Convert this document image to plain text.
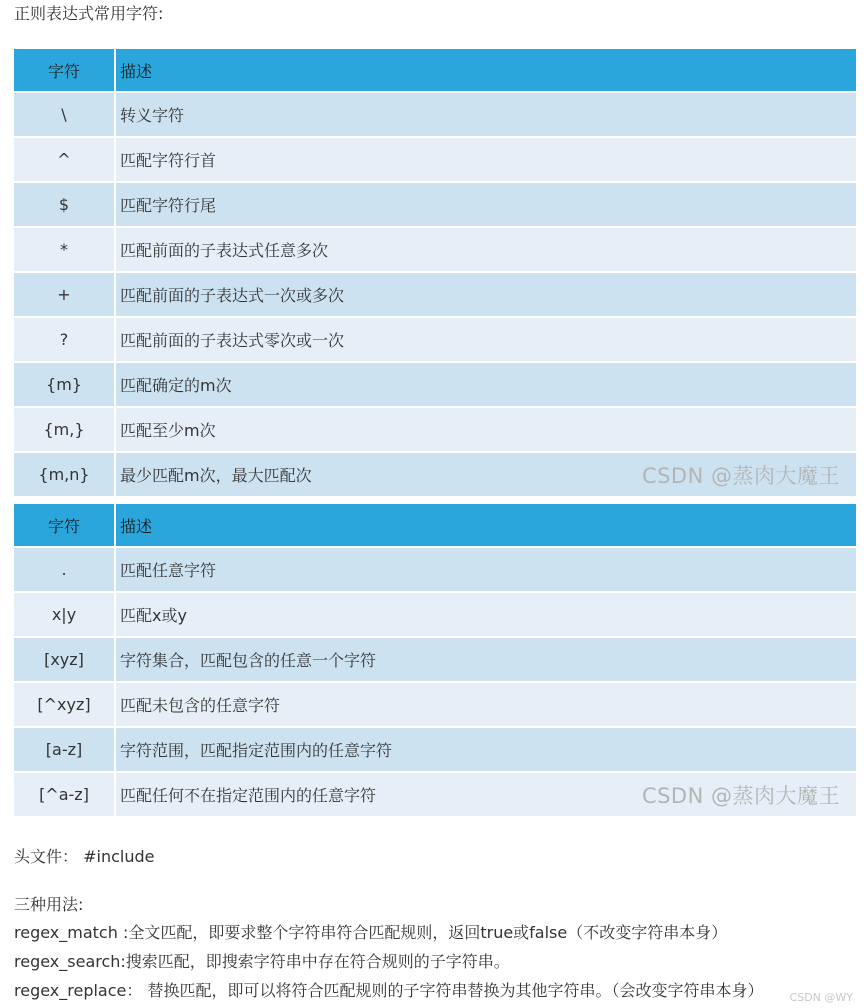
正则表达式常用字符:
字符	描述
\	转义字符
^	匹配字符行首
$	匹配字符行尾
*	匹配前面的子表达式任意多次
+	匹配前面的子表达式一次或多次
?	匹配前面的子表达式零次或一次
{m}	匹配确定的m次
{m,}	匹配至少m次
{m,n}	最少匹配m次，最大匹配次 CSDN @蒸肉大魔王
字符	描述
.	匹配任意字符
x|y	匹配x或y
[xyz]	字符集合，匹配包含的任意一个字符
[^xyz]	匹配未包含的任意字符
[a-z]	字符范围，匹配指定范围内的任意字符
[^a-z]	匹配任何不在指定范围内的任意字符 CSDN @蒸肉大魔王
头文件： #include
三种用法:
regex_match :全文匹配，即要求整个字符串符合匹配规则，返回true或false（不改变字符串本身）
regex_search:搜索匹配，即搜索字符串中存在符合规则的子字符串。
regex_replace： 替换匹配，即可以将符合匹配规则的子字符串替换为其他字符串。（会改变字符串本身） CSDN @WY
